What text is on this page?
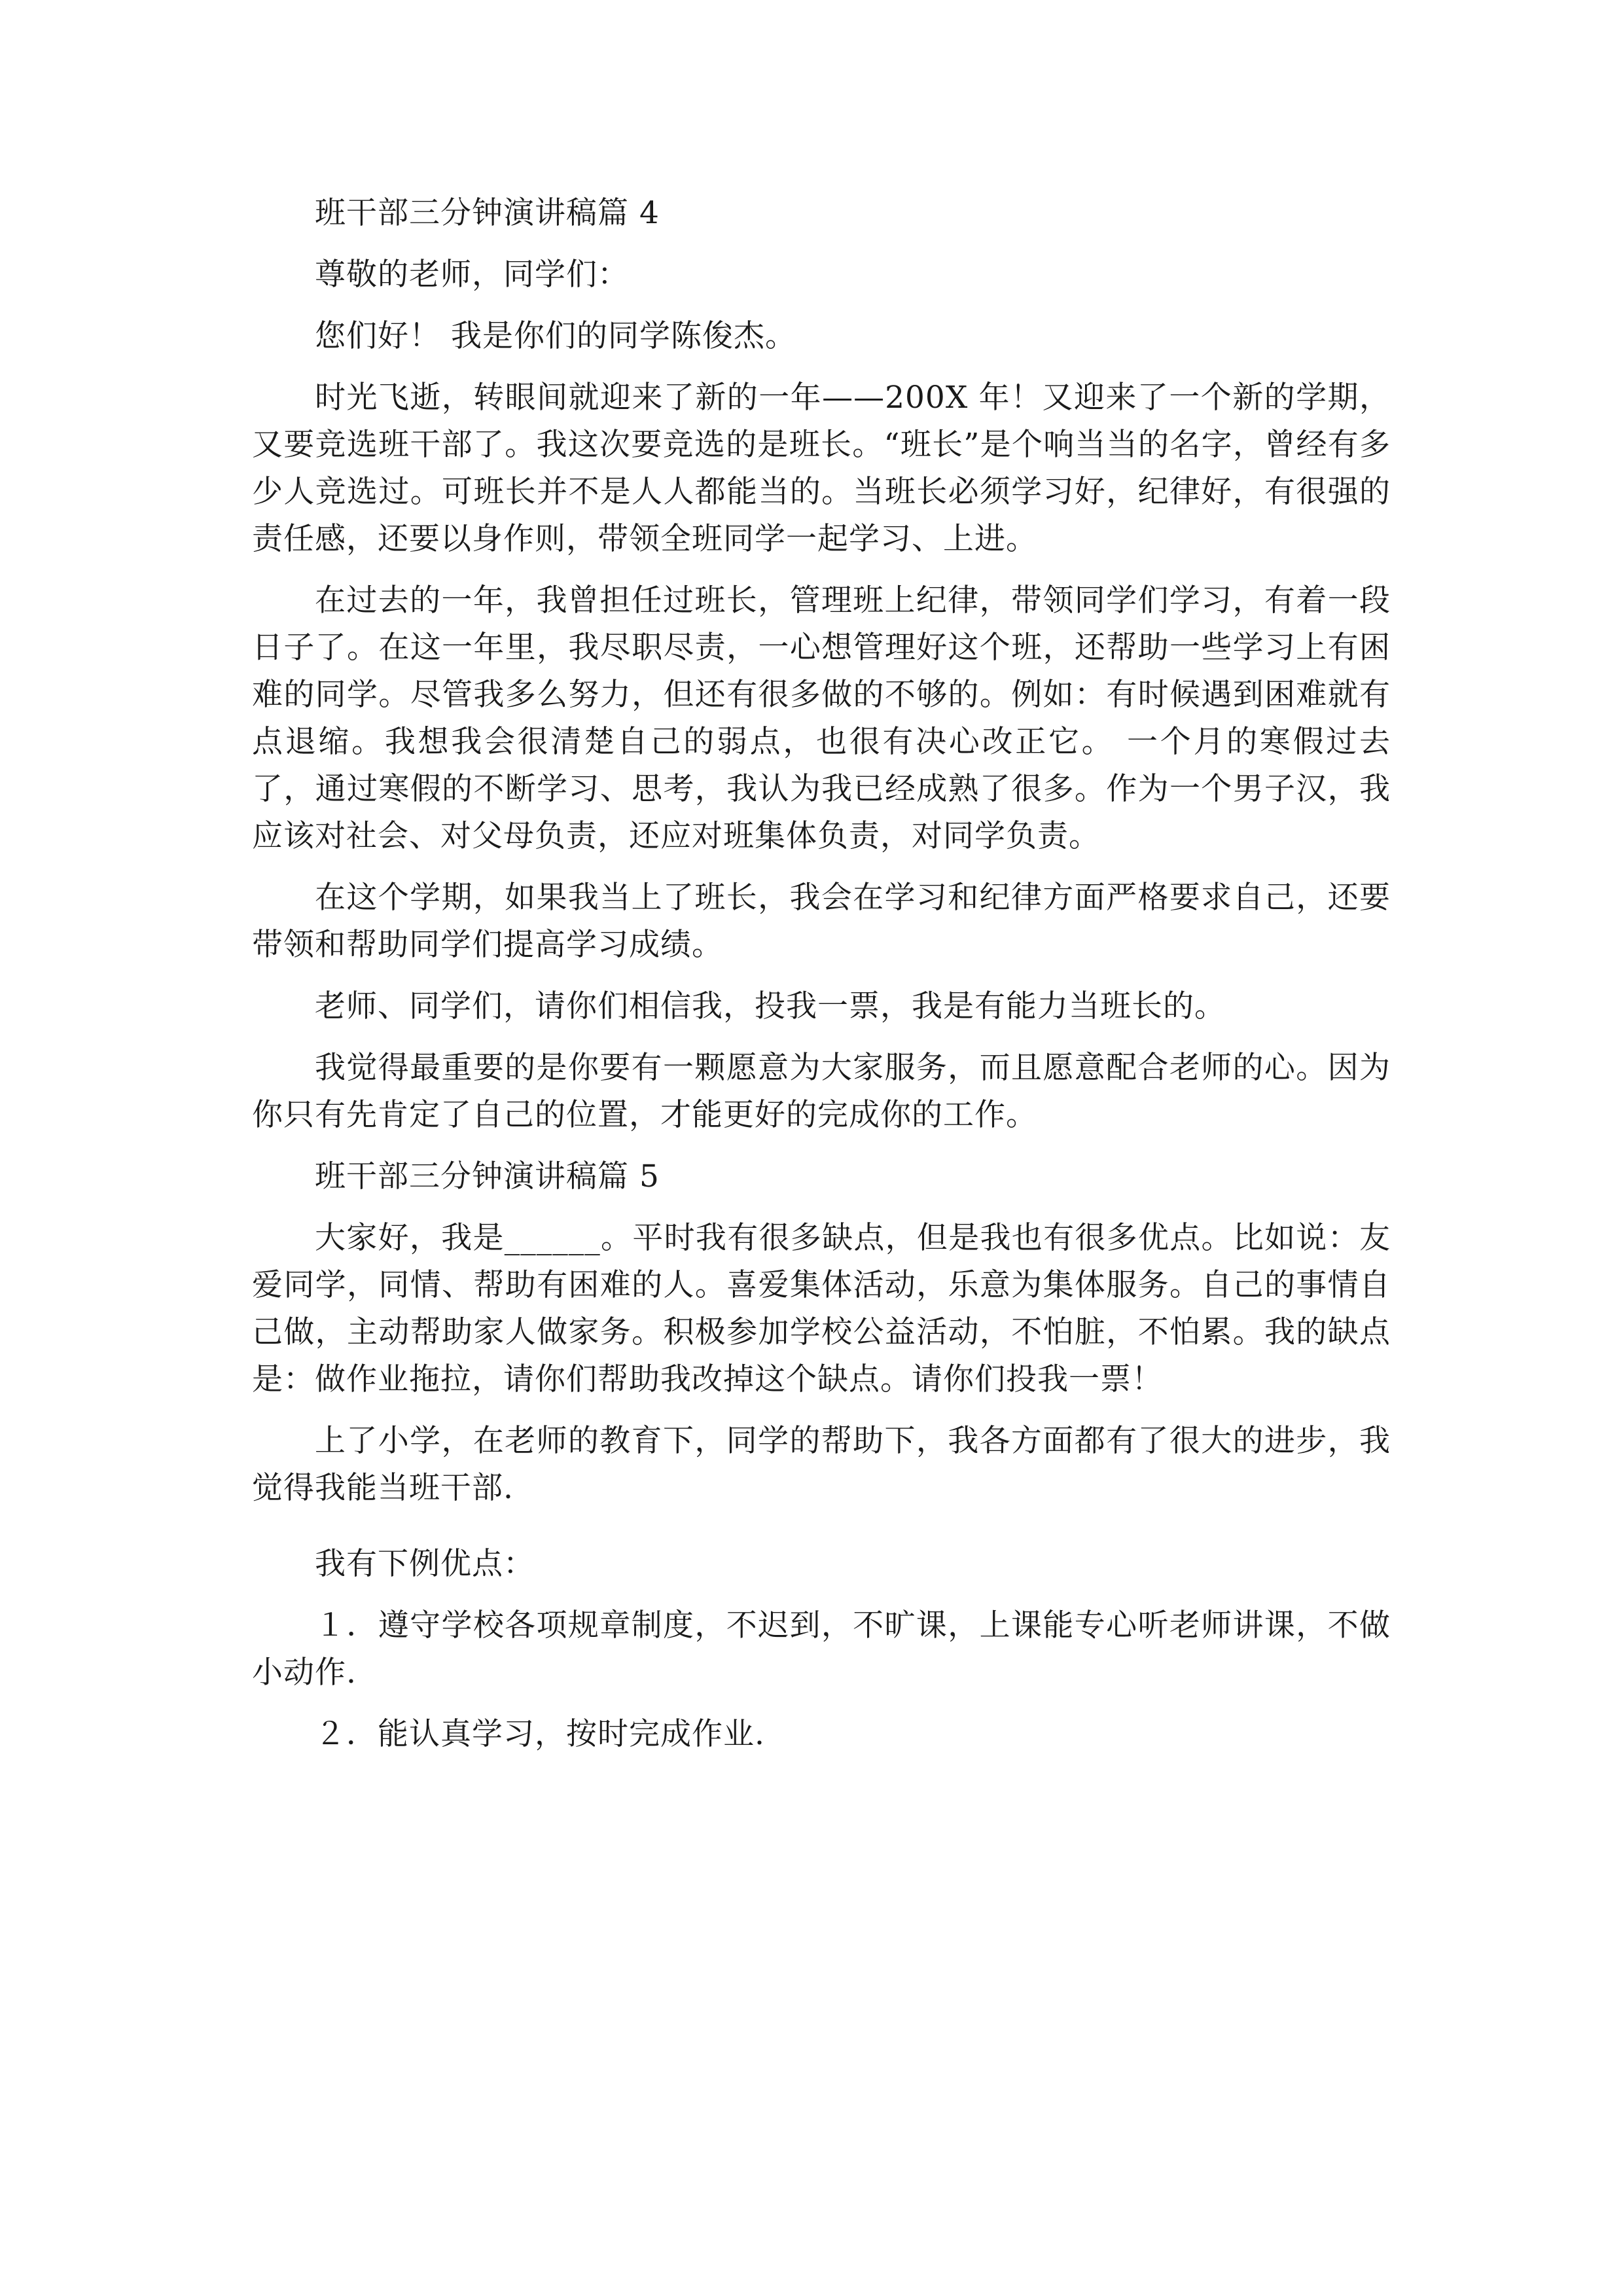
班干部三分钟演讲稿篇 4

尊敬的老师，同学们：

您们好！ 我是你们的同学陈俊杰。

时光飞逝，转眼间就迎来了新的一年——200X 年！又迎来了一个新的学期，又要竞选班干部了。我这次要竞选的是班长。“班长”是个响当当的名字，曾经有多少人竞选过。可班长并不是人人都能当的。当班长必须学习好，纪律好，有很强的责任感，还要以身作则，带领全班同学一起学习、上进。

在过去的一年，我曾担任过班长，管理班上纪律，带领同学们学习，有着一段日子了。在这一年里，我尽职尽责，一心想管理好这个班，还帮助一些学习上有困难的同学。尽管我多么努力，但还有很多做的不够的。例如：有时候遇到困难就有点退缩。我想我会很清楚自己的弱点，也很有决心改正它。 一个月的寒假过去了，通过寒假的不断学习、思考，我认为我已经成熟了很多。作为一个男子汉，我应该对社会、对父母负责，还应对班集体负责，对同学负责。

在这个学期，如果我当上了班长，我会在学习和纪律方面严格要求自己，还要带领和帮助同学们提高学习成绩。

老师、同学们，请你们相信我，投我一票，我是有能力当班长的。

我觉得最重要的是你要有一颗愿意为大家服务，而且愿意配合老师的心。因为你只有先肯定了自己的位置，才能更好的完成你的工作。

班干部三分钟演讲稿篇 5

大家好，我是______。平时我有很多缺点，但是我也有很多优点。比如说：友爱同学，同情、帮助有困难的人。喜爱集体活动，乐意为集体服务。自己的事情自己做，主动帮助家人做家务。积极参加学校公益活动，不怕脏，不怕累。我的缺点是：做作业拖拉，请你们帮助我改掉这个缺点。请你们投我一票！

上了小学，在老师的教育下，同学的帮助下，我各方面都有了很大的进步，我觉得我能当班干部.

我有下例优点：

１．遵守学校各项规章制度，不迟到，不旷课，上课能专心听老师讲课，不做小动作.

２．能认真学习，按时完成作业.
